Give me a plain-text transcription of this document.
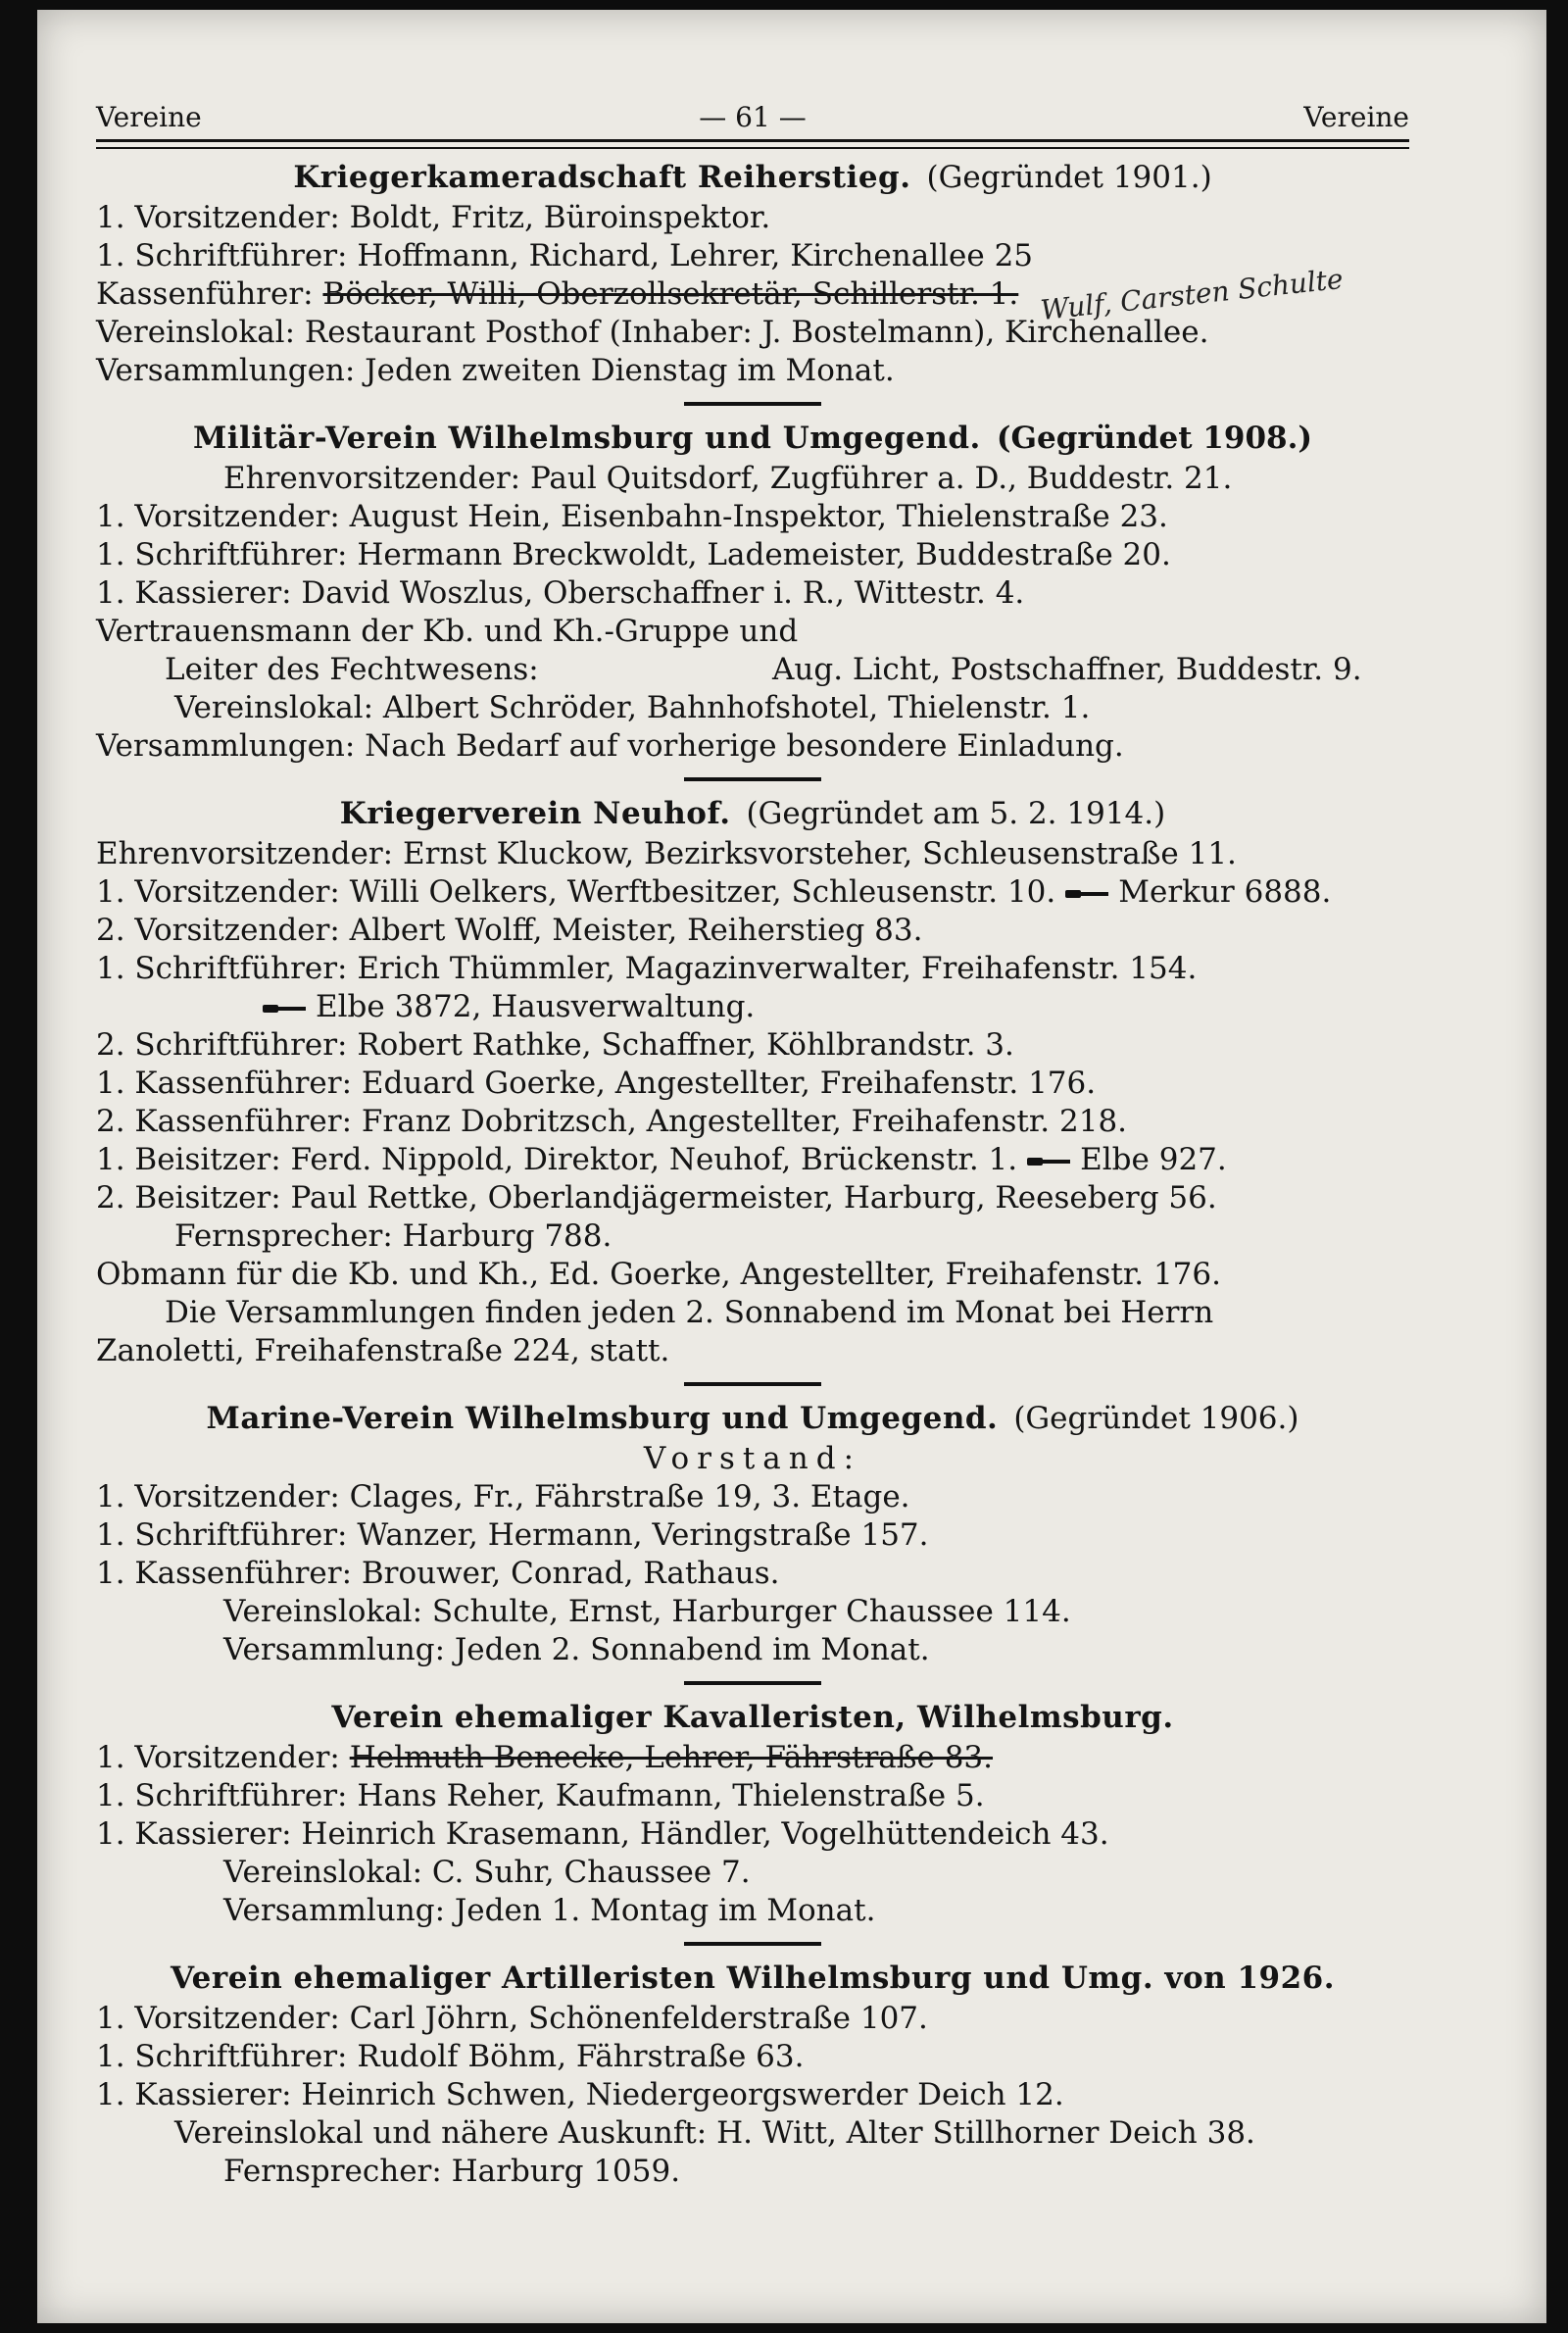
Vereine	— 61 —	Vereine
Kriegerkameradschaft Reiherstieg. (Gegründet 1901.)
1. Vorsitzender: Boldt, Fritz, Büroinspektor.
1. Schriftführer: Hoffmann, Richard, Lehrer, Kirchenallee 25
Kassenführer: Böcker, Willi, Oberzollsekretär, Schillerstr. 1. Wulf, Carsten Schulte
Vereinslokal: Restaurant Posthof (Inhaber: J. Bostelmann), Kirchenallee.
Versammlungen: Jeden zweiten Dienstag im Monat.
Militär-Verein Wilhelmsburg und Umgegend. (Gegründet 1908.)
Ehrenvorsitzender: Paul Quitsdorf, Zugführer a. D., Buddestr. 21.
1. Vorsitzender: August Hein, Eisenbahn-Inspektor, Thielenstraße 23.
1. Schriftführer: Hermann Breckwoldt, Lademeister, Buddestraße 20.
1. Kassierer: David Woszlus, Oberschaffner i. R., Wittestr. 4.
Vertrauensmann der Kb. und Kh.-Gruppe und
Leiter des Fechtwesens:	Aug. Licht, Postschaffner, Buddestr. 9.
Vereinslokal: Albert Schröder, Bahnhofshotel, Thielenstr. 1.
Versammlungen: Nach Bedarf auf vorherige besondere Einladung.
Kriegerverein Neuhof. (Gegründet am 5. 2. 1914.)
Ehrenvorsitzender: Ernst Kluckow, Bezirksvorsteher, Schleusenstraße 11.
1. Vorsitzender: Willi Oelkers, Werftbesitzer, Schleusenstr. 10. Merkur 6888.
2. Vorsitzender: Albert Wolff, Meister, Reiherstieg 83.
1. Schriftführer: Erich Thümmler, Magazinverwalter, Freihafenstr. 154.
Elbe 3872, Hausverwaltung.
2. Schriftführer: Robert Rathke, Schaffner, Köhlbrandstr. 3.
1. Kassenführer: Eduard Goerke, Angestellter, Freihafenstr. 176.
2. Kassenführer: Franz Dobritzsch, Angestellter, Freihafenstr. 218.
1. Beisitzer: Ferd. Nippold, Direktor, Neuhof, Brückenstr. 1. Elbe 927.
2. Beisitzer: Paul Rettke, Oberlandjägermeister, Harburg, Reeseberg 56.
Fernsprecher: Harburg 788.
Obmann für die Kb. und Kh., Ed. Goerke, Angestellter, Freihafenstr. 176.
Die Versammlungen finden jeden 2. Sonnabend im Monat bei Herrn
Zanoletti, Freihafenstraße 224, statt.
Marine-Verein Wilhelmsburg und Umgegend. (Gegründet 1906.)
Vorstand:
1. Vorsitzender: Clages, Fr., Fährstraße 19, 3. Etage.
1. Schriftführer: Wanzer, Hermann, Veringstraße 157.
1. Kassenführer: Brouwer, Conrad, Rathaus.
Vereinslokal: Schulte, Ernst, Harburger Chaussee 114.
Versammlung: Jeden 2. Sonnabend im Monat.
Verein ehemaliger Kavalleristen, Wilhelmsburg.
1. Vorsitzender: Helmuth Benecke, Lehrer, Fährstraße 83.
1. Schriftführer: Hans Reher, Kaufmann, Thielenstraße 5.
1. Kassierer: Heinrich Krasemann, Händler, Vogelhüttendeich 43.
Vereinslokal: C. Suhr, Chaussee 7.
Versammlung: Jeden 1. Montag im Monat.
Verein ehemaliger Artilleristen Wilhelmsburg und Umg. von 1926.
1. Vorsitzender: Carl Jöhrn, Schönenfelderstraße 107.
1. Schriftführer: Rudolf Böhm, Fährstraße 63.
1. Kassierer: Heinrich Schwen, Niedergeorgswerder Deich 12.
Vereinslokal und nähere Auskunft: H. Witt, Alter Stillhorner Deich 38.
Fernsprecher: Harburg 1059.
